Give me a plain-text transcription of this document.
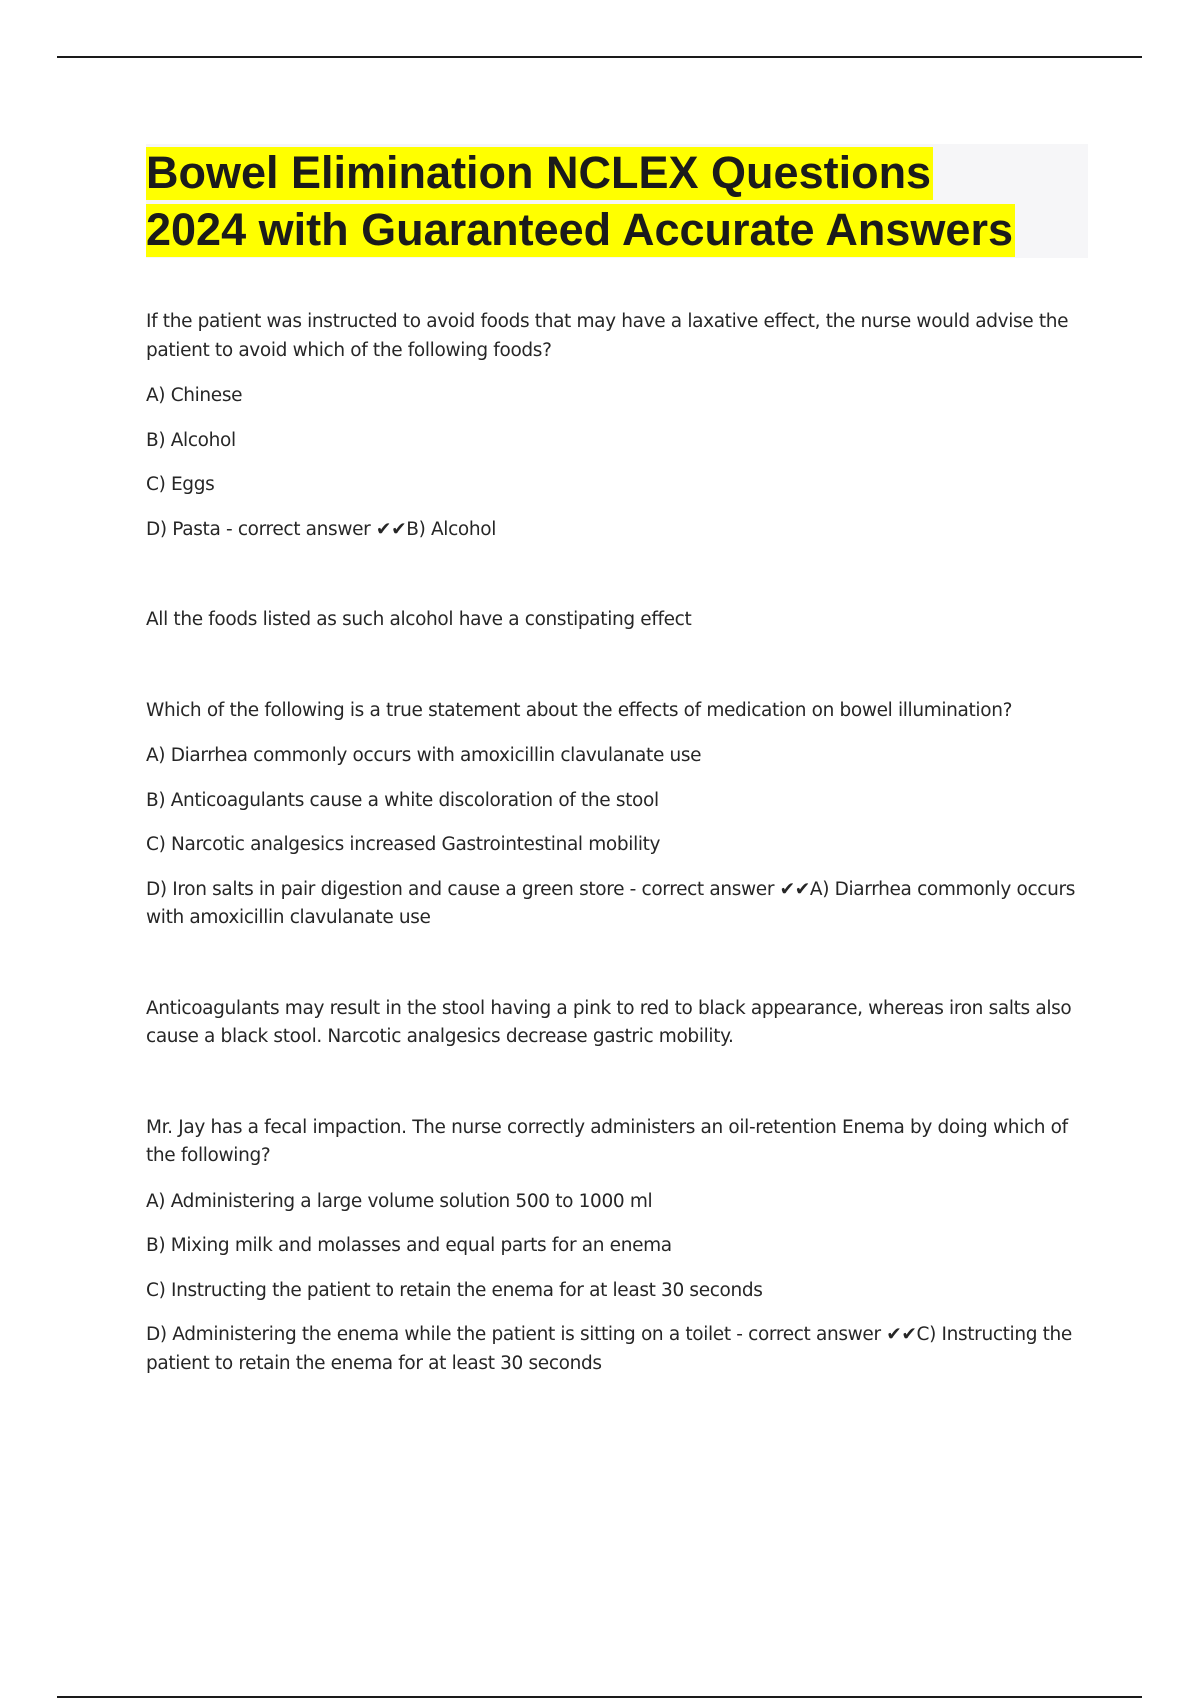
Bowel Elimination NCLEX Questions
2024 with Guaranteed Accurate Answers

If the patient was instructed to avoid foods that may have a laxative effect, the nurse would advise the patient to avoid which of the following foods?

A) Chinese

B) Alcohol

C) Eggs

D) Pasta - correct answer ✔✔B) Alcohol

All the foods listed as such alcohol have a constipating effect

Which of the following is a true statement about the effects of medication on bowel illumination?

A) Diarrhea commonly occurs with amoxicillin clavulanate use

B) Anticoagulants cause a white discoloration of the stool

C) Narcotic analgesics increased Gastrointestinal mobility

D) Iron salts in pair digestion and cause a green store - correct answer ✔✔A) Diarrhea commonly occurs with amoxicillin clavulanate use

Anticoagulants may result in the stool having a pink to red to black appearance, whereas iron salts also cause a black stool. Narcotic analgesics decrease gastric mobility.

Mr. Jay has a fecal impaction. The nurse correctly administers an oil-retention Enema by doing which of the following?

A) Administering a large volume solution 500 to 1000 ml

B) Mixing milk and molasses and equal parts for an enema

C) Instructing the patient to retain the enema for at least 30 seconds

D) Administering the enema while the patient is sitting on a toilet - correct answer ✔✔C) Instructing the patient to retain the enema for at least 30 seconds
